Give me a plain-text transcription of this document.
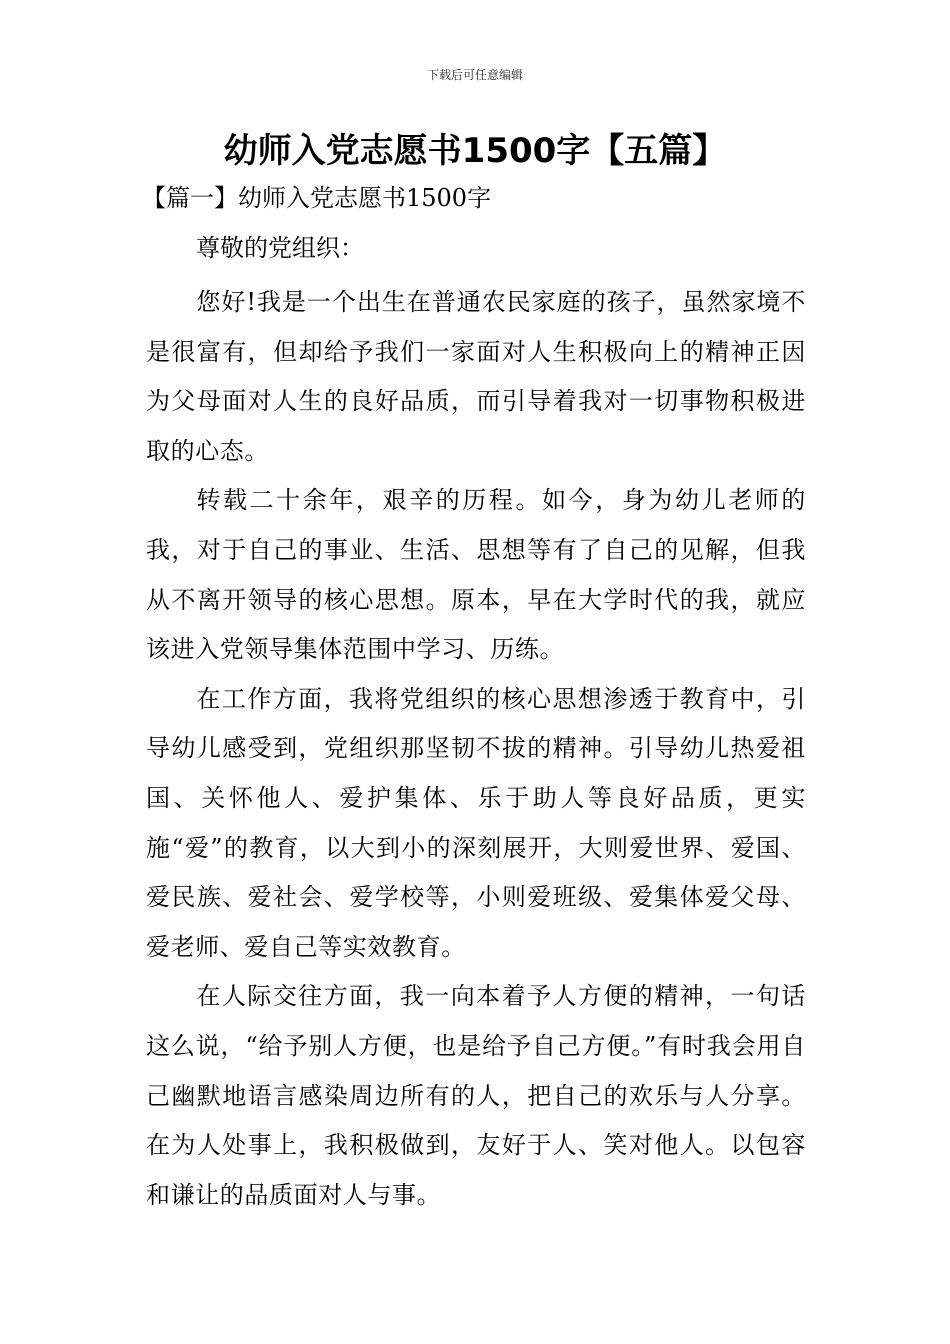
下载后可任意编辑
幼师入党志愿书1500字【五篇】
【篇一】幼师入党志愿书1500字

尊敬的党组织：

您好!我是一个出生在普通农民家庭的孩子，虽然家境不是很富有，但却给予我们一家面对人生积极向上的精神正因为父母面对人生的良好品质，而引导着我对一切事物积极进取的心态。

转载二十余年，艰辛的历程。如今，身为幼儿老师的我，对于自己的事业、生活、思想等有了自己的见解，但我从不离开领导的核心思想。原本，早在大学时代的我，就应该进入党领导集体范围中学习、历练。

在工作方面，我将党组织的核心思想渗透于教育中，引导幼儿感受到，党组织那坚韧不拔的精神。引导幼儿热爱祖国、关怀他人、爱护集体、乐于助人等良好品质，更实施“爱”的教育，以大到小的深刻展开，大则爱世界、爱国、爱民族、爱社会、爱学校等，小则爱班级、爱集体爱父母、爱老师、爱自己等实效教育。

在人际交往方面，我一向本着予人方便的精神，一句话这么说，“给予别人方便，也是给予自己方便。”有时我会用自己幽默地语言感染周边所有的人，把自己的欢乐与人分享。在为人处事上，我积极做到，友好于人、笑对他人。以包容和谦让的品质面对人与事。
